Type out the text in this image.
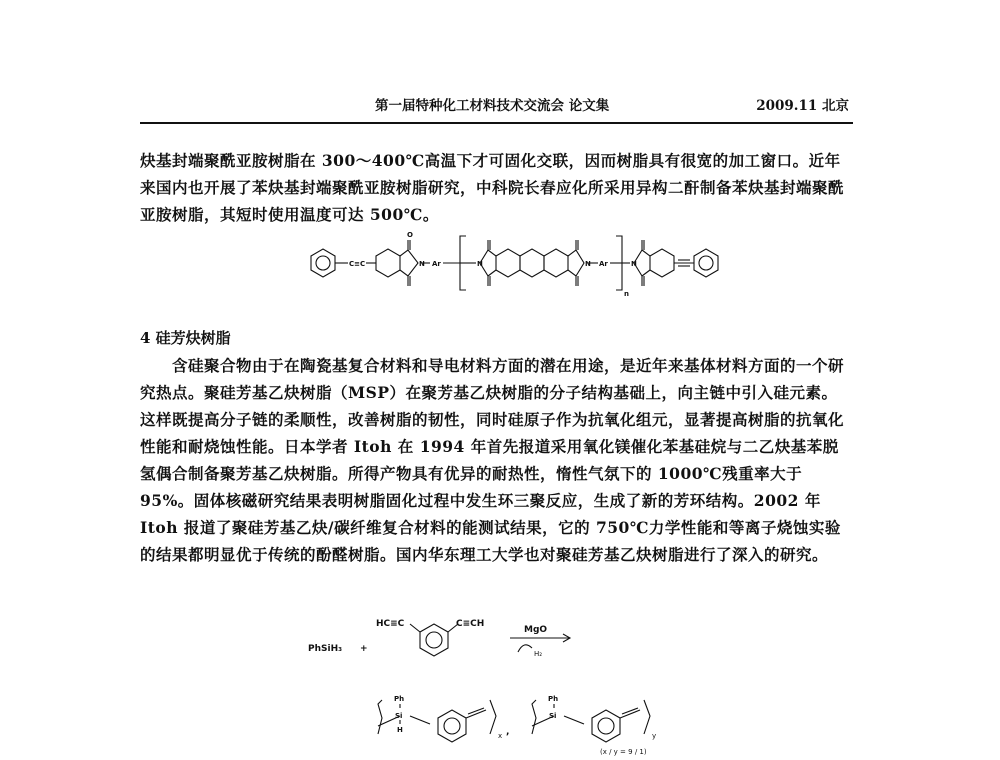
第一届特种化工材料技术交流会 论文集	2009.11 北京

炔基封端聚酰亚胺树脂在 300～400℃高温下才可固化交联，因而树脂具有很宽的加工窗口。近年来国内也开展了苯炔基封端聚酰亚胺树脂研究，中科院长春应化所采用异构二酐制备苯炔基封端聚酰亚胺树脂，其短时使用温度可达 500℃。

C≡C	N Ar	N	N Ar	N
O
n
4 硅芳炔树脂

含硅聚合物由于在陶瓷基复合材料和导电材料方面的潜在用途，是近年来基体材料方面的一个研究热点。聚硅芳基乙炔树脂（MSP）在聚芳基乙炔树脂的分子结构基础上，向主链中引入硅元素。这样既提高分子链的柔顺性，改善树脂的韧性，同时硅原子作为抗氧化组元，显著提高树脂的抗氧化性能和耐烧蚀性能。日本学者 Itoh 在 1994 年首先报道采用氧化镁催化苯基硅烷与二乙炔基苯脱氢偶合制备聚芳基乙炔树脂。所得产物具有优异的耐热性，惰性气氛下的 1000℃残重率大于 95%。固体核磁研究结果表明树脂固化过程中发生环三聚反应，生成了新的芳环结构。2002 年 Itoh 报道了聚硅芳基乙炔/碳纤维复合材料的能测试结果，它的 750℃力学性能和等离子烧蚀实验的结果都明显优于传统的酚醛树脂。国内华东理工大学也对聚硅芳基乙炔树脂进行了深入的研究。

PhSiH₃ +
HC≡C	C≡CH
MgO
H₂
Ph
Si
H
x ,
Ph
Si
y
(x / y = 9 / 1)
